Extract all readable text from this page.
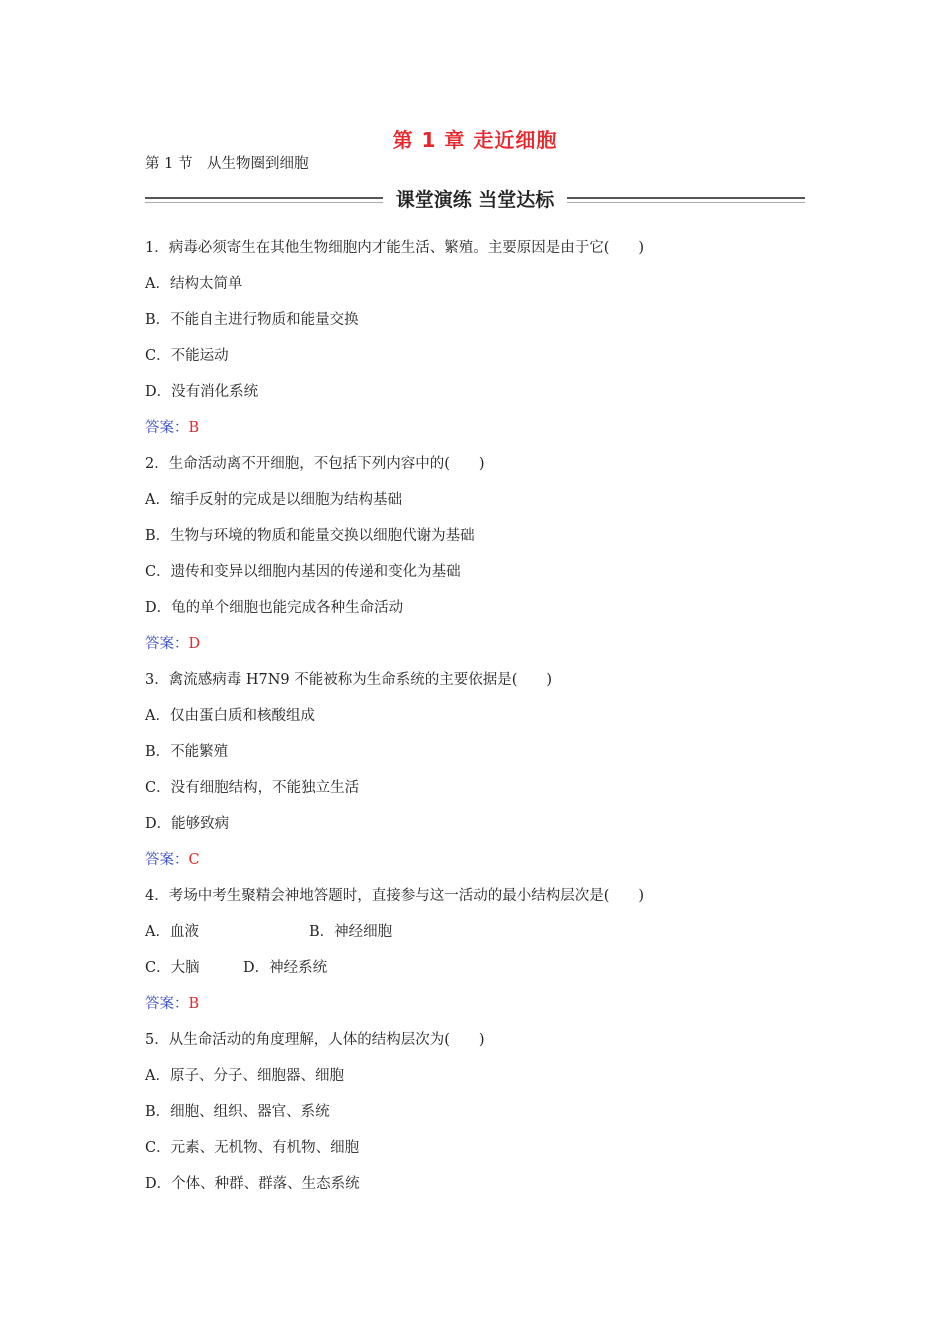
第 1 章 走近细胞
第 1 节　从生物圈到细胞
课堂演练 当堂达标
1．病毒必须寄生在其他生物细胞内才能生活、繁殖。主要原因是由于它(　　)
A．结构太简单
B．不能自主进行物质和能量交换
C．不能运动
D．没有消化系统
答案：B
2．生命活动离不开细胞，不包括下列内容中的(　　)
A．缩手反射的完成是以细胞为结构基础
B．生物与环境的物质和能量交换以细胞代谢为基础
C．遗传和变异以细胞内基因的传递和变化为基础
D．龟的单个细胞也能完成各种生命活动
答案：D
3．禽流感病毒 H7N9 不能被称为生命系统的主要依据是(　　)
A．仅由蛋白质和核酸组成
B．不能繁殖
C．没有细胞结构，不能独立生活
D．能够致病
答案：C
4．考场中考生聚精会神地答题时，直接参与这一活动的最小结构层次是(　　)
A．血液	B．神经细胞
C．大脑	D．神经系统
答案：B
5．从生命活动的角度理解，人体的结构层次为(　　)
A．原子、分子、细胞器、细胞
B．细胞、组织、器官、系统
C．元素、无机物、有机物、细胞
D．个体、种群、群落、生态系统
